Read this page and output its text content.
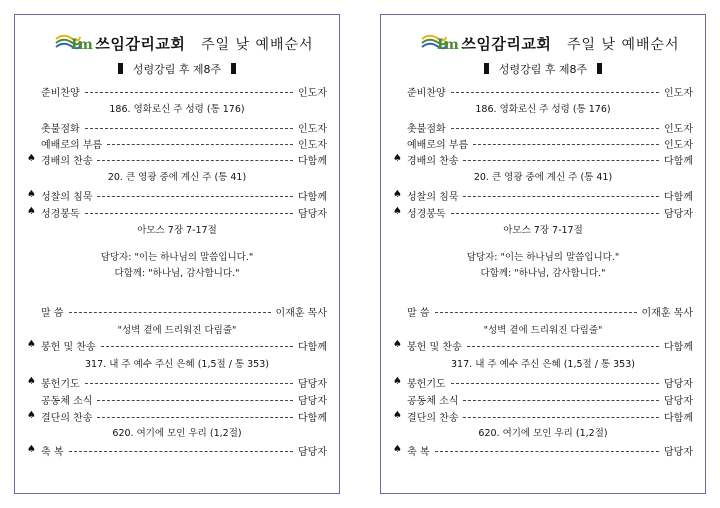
Im 쓰임감리교회 주일 낮 예배순서
성령강림 후 제8주
준비찬양	인도자
186. 영화로신 주 성령 (통 176)
촛불점화	인도자
예배로의 부름	인도자
♠ 경배의 찬송	다함께
20. 큰 영광 중에 계신 주 (통 41)
♠ 성찰의 침묵	다함께
♠ 성경봉독	담당자
아모스 7장 7-17절
담당자: "이는 하나님의 말씀입니다."
다함께: "하나님, 감사합니다."
말 씀	이재훈 목사
"성벽 곁에 드리워진 다림줄"
♠ 봉헌 및 찬송	다함께
317. 내 주 예수 주신 은혜 (1,5절 / 통 353)
♠ 봉헌기도	담당자
공동체 소식	담당자
♠ 결단의 찬송	다함께
620. 여기에 모인 우리 (1,2절)
♠ 축 복	담당자
Im 쓰임감리교회 주일 낮 예배순서
성령강림 후 제8주
준비찬양	인도자
186. 영화로신 주 성령 (통 176)
촛불점화	인도자
예배로의 부름	인도자
♠ 경배의 찬송	다함께
20. 큰 영광 중에 계신 주 (통 41)
♠ 성찰의 침묵	다함께
♠ 성경봉독	담당자
아모스 7장 7-17절
담당자: "이는 하나님의 말씀입니다."
다함께: "하나님, 감사합니다."
말 씀	이재훈 목사
"성벽 곁에 드리워진 다림줄"
♠ 봉헌 및 찬송	다함께
317. 내 주 예수 주신 은혜 (1,5절 / 통 353)
♠ 봉헌기도	담당자
공동체 소식	담당자
♠ 결단의 찬송	다함께
620. 여기에 모인 우리 (1,2절)
♠ 축 복	담당자
